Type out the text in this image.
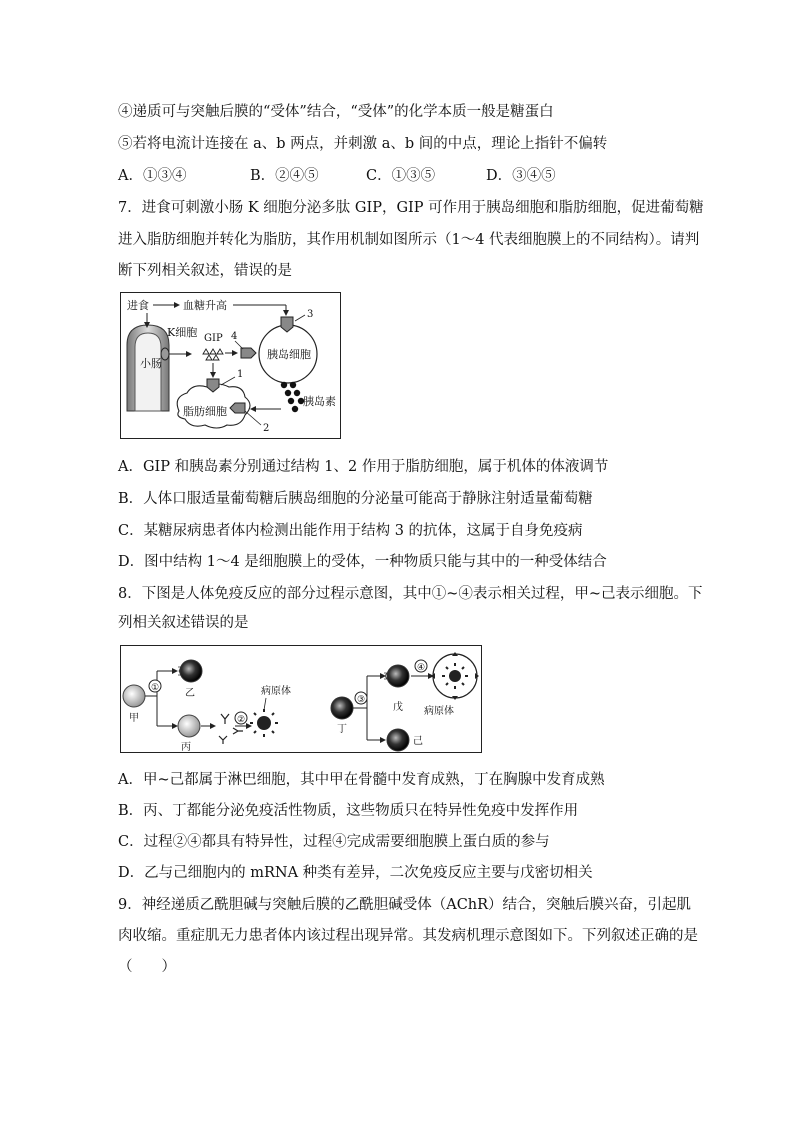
④递质可与突触后膜的“受体”结合，“受体”的化学本质一般是糖蛋白
⑤若将电流计连接在 a、b 两点，并刺激 a、b 间的中点，理论上指针不偏转
A．①③④	B．②④⑤	C．①③⑤	D．③④⑤
7．进食可刺激小肠 K 细胞分泌多肽 GIP，GIP 可作用于胰岛细胞和脂肪细胞，促进葡萄糖
进入脂肪细胞并转化为脂肪，其作用机制如图所示（1～4 代表细胞膜上的不同结构）。请判
断下列相关叙述，错误的是
小肠
K细胞
进食	血糖升高
GIP
胰岛细胞
3
4
胰岛素
脂肪细胞
1
2
A．GIP 和胰岛素分别通过结构 1、2 作用于脂肪细胞，属于机体的体液调节
B．人体口服适量葡萄糖后胰岛细胞的分泌量可能高于静脉注射适量葡萄糖
C．某糖尿病患者体内检测出能作用于结构 3 的抗体，这属于自身免疫病
D．图中结构 1～4 是细胞膜上的受体，一种物质只能与其中的一种受体结合
8．下图是人体免疫反应的部分过程示意图，其中①~④表示相关过程，甲~己表示细胞。下
列相关叙述错误的是
甲
①	乙
丙
②
病原体
丁
③
戊
己
④
病原体
A．甲~己都属于淋巴细胞，其中甲在骨髓中发育成熟，丁在胸腺中发育成熟
B．丙、丁都能分泌免疫活性物质，这些物质只在特异性免疫中发挥作用
C．过程②④都具有特异性，过程④完成需要细胞膜上蛋白质的参与
D．乙与己细胞内的 mRNA 种类有差异，二次免疫反应主要与戊密切相关
9．神经递质乙酰胆碱与突触后膜的乙酰胆碱受体（AChR）结合，突触后膜兴奋，引起肌
肉收缩。重症肌无力患者体内该过程出现异常。其发病机理示意图如下。下列叙述正确的是
（　　）
